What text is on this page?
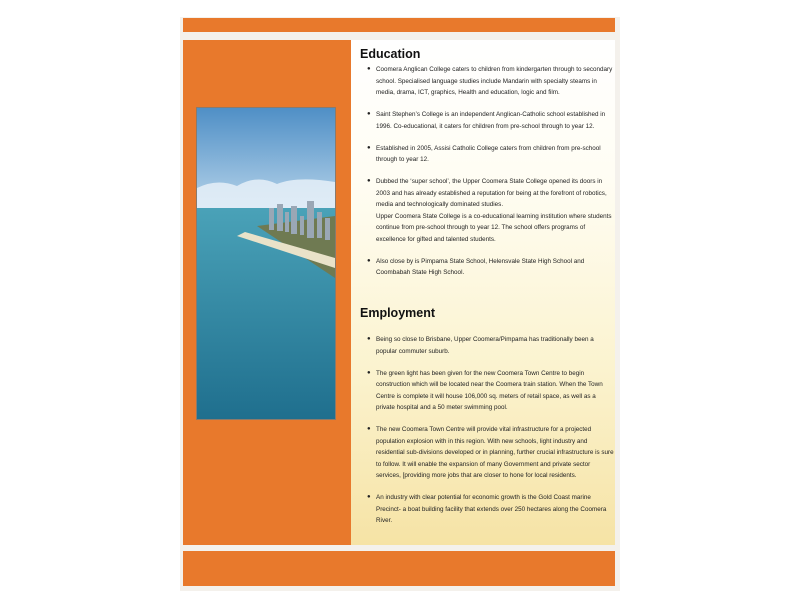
Education
● Coomera Anglican College caters to children from kindergarten through to secondary school. Specialised language studies include Mandarin with specialty steams in media, drama, ICT, graphics, Health and education, logic and film.

● Saint Stephen’s College is an independent Anglican-Catholic school established in 1996. Co-educational, it caters for children from pre-school through to year 12.

● Established in 2005, Assisi Catholic College caters from children from pre-school through to year 12.

● Dubbed the ‘super school’, the Upper Coomera State College opened its doors in 2003 and has already established a reputation for being at the forefront of robotics, media and technologically dominated studies.

Upper Coomera State College is a co-educational learning institution where students continue from pre-school through to year 12. The school offers programs of excellence for gifted and talented students.

● Also close by is Pimpama State School, Helensvale State High School and Coombabah State High School.

Employment
● Being so close to Brisbane, Upper Coomera/Pimpama has traditionally been a popular commuter suburb.

● The green light has been given for the new Coomera Town Centre to begin construction which will be located near the Coomera train station. When the Town Centre is complete it will house 106,000 sq. meters of retail space, as well as a private hospital and a 50 meter swimming pool.

● The new Coomera Town Centre will provide vital infrastructure for a projected population explosion with in this region. With new schools, light industry and residential sub-divisions developed or in planning, further crucial infrastructure is sure to follow. It will enable the expansion of many Government and private sector services, [providing more jobs that are closer to hone for local residents.

● An industry with clear potential for economic growth is the Gold Coast marine Precinct- a boat building facility that extends over 250 hectares along the Coomera River.
